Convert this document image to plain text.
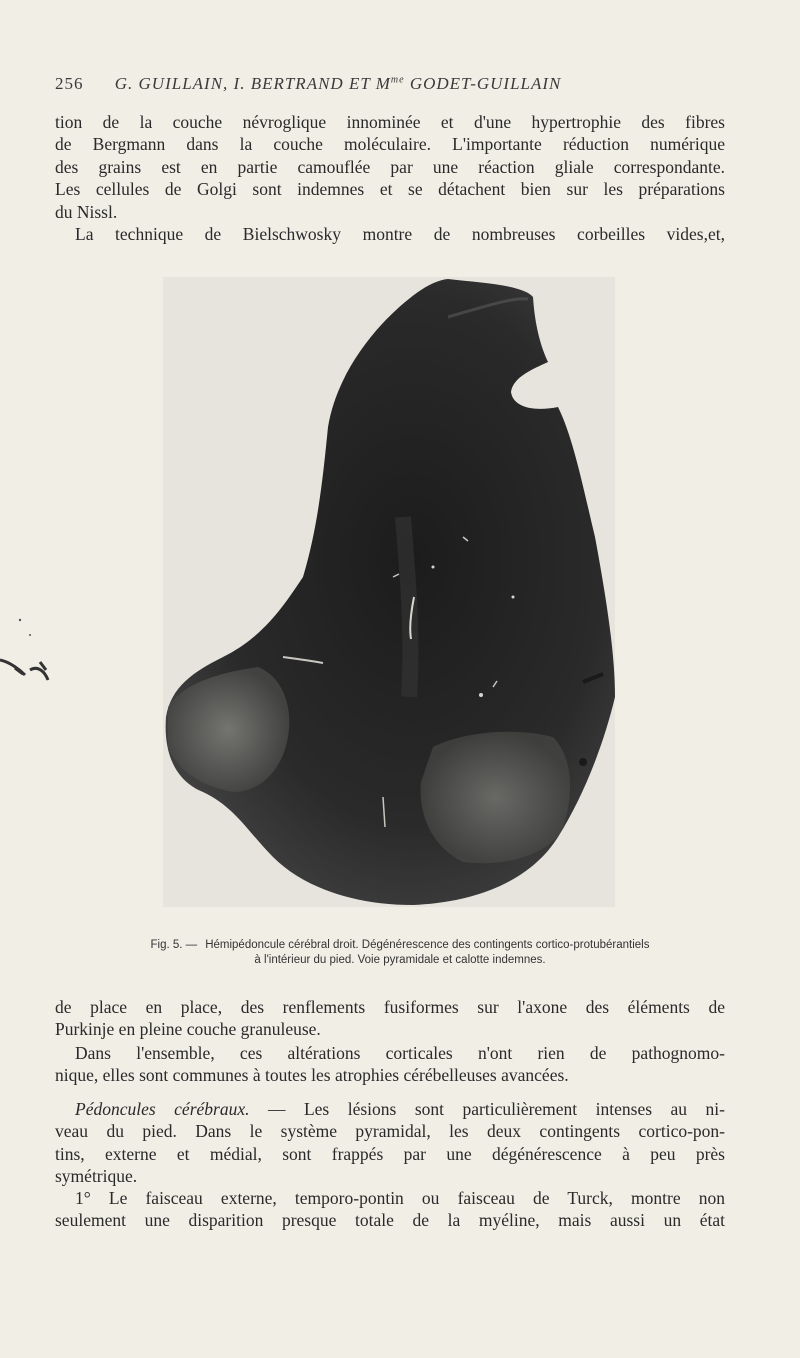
256 G. GUILLAIN, I. BERTRAND ET $M^{me}$ GODET-GUILLAIN
tion de la couche névroglique innominée et d'une hypertrophie des fibres
de Bergmann dans la couche moléculaire. L'importante réduction numérique
des grains est en partie camouflée par une réaction gliale correspondante.
Les cellules de Golgi sont indemnes et se détachent bien sur les préparations
du Nissl.
La technique de Bielschwosky montre de nombreuses corbeilles vides,et,
Fig. 5. — Hémipédoncule cérébral droit. Dégénérescence des contingents cortico-protubérantiels
à l'intérieur du pied. Voie pyramidale et calotte indemnes.
de place en place, des renflements fusiformes sur l'axone des éléments de
Purkinje en pleine couche granuleuse.
Dans l'ensemble, ces altérations corticales n'ont rien de pathognomo-
nique, elles sont communes à toutes les atrophies cérébelleuses avancées.
Pédoncules cérébraux. — Les lésions sont particulièrement intenses au ni-
veau du pied. Dans le système pyramidal, les deux contingents cortico-pon-
tins, externe et médial, sont frappés par une dégénérescence à peu près
symétrique.
1° Le faisceau externe, temporo-pontin ou faisceau de Turck, montre non
seulement une disparition presque totale de la myéline, mais aussi un état
